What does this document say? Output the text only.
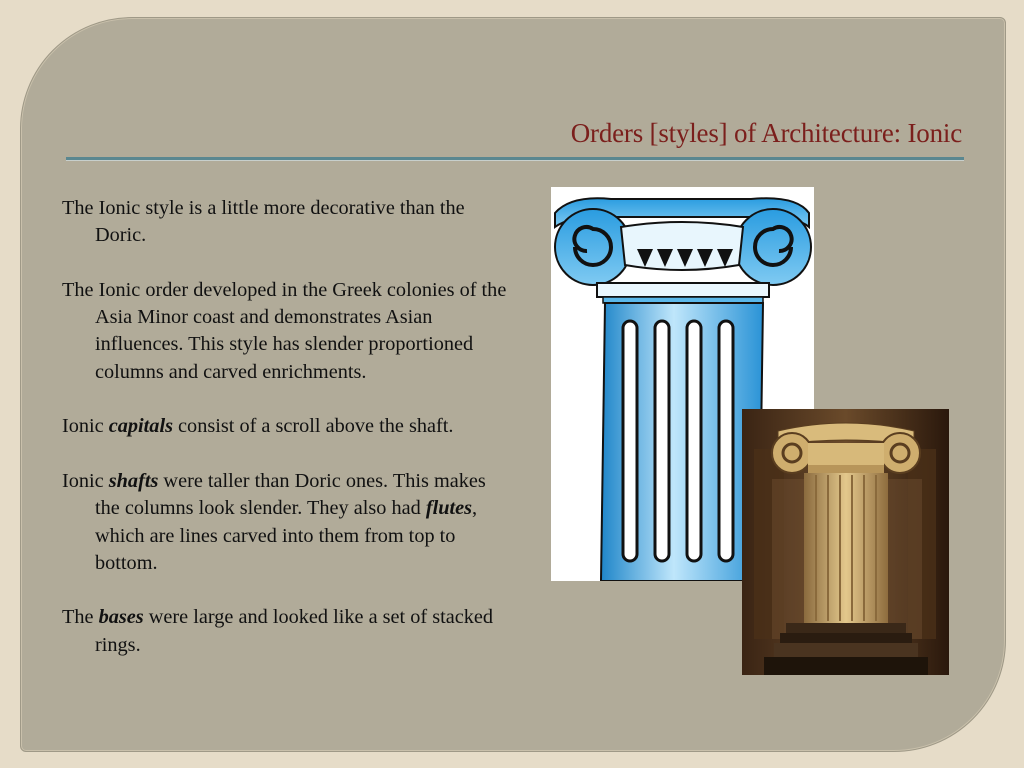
Orders [styles] of Architecture: Ionic

The Ionic style is a little more decorative than the Doric.

The Ionic order developed in the Greek colonies of the Asia Minor coast and demonstrates Asian influences. This style has slender proportioned columns and carved enrichments.

Ionic capitals consist of a scroll above the shaft.

Ionic shafts were taller than Doric ones. This makes the columns look slender. They also had flutes, which are lines carved into them from top to bottom.

The bases were large and looked like a set of stacked rings.
